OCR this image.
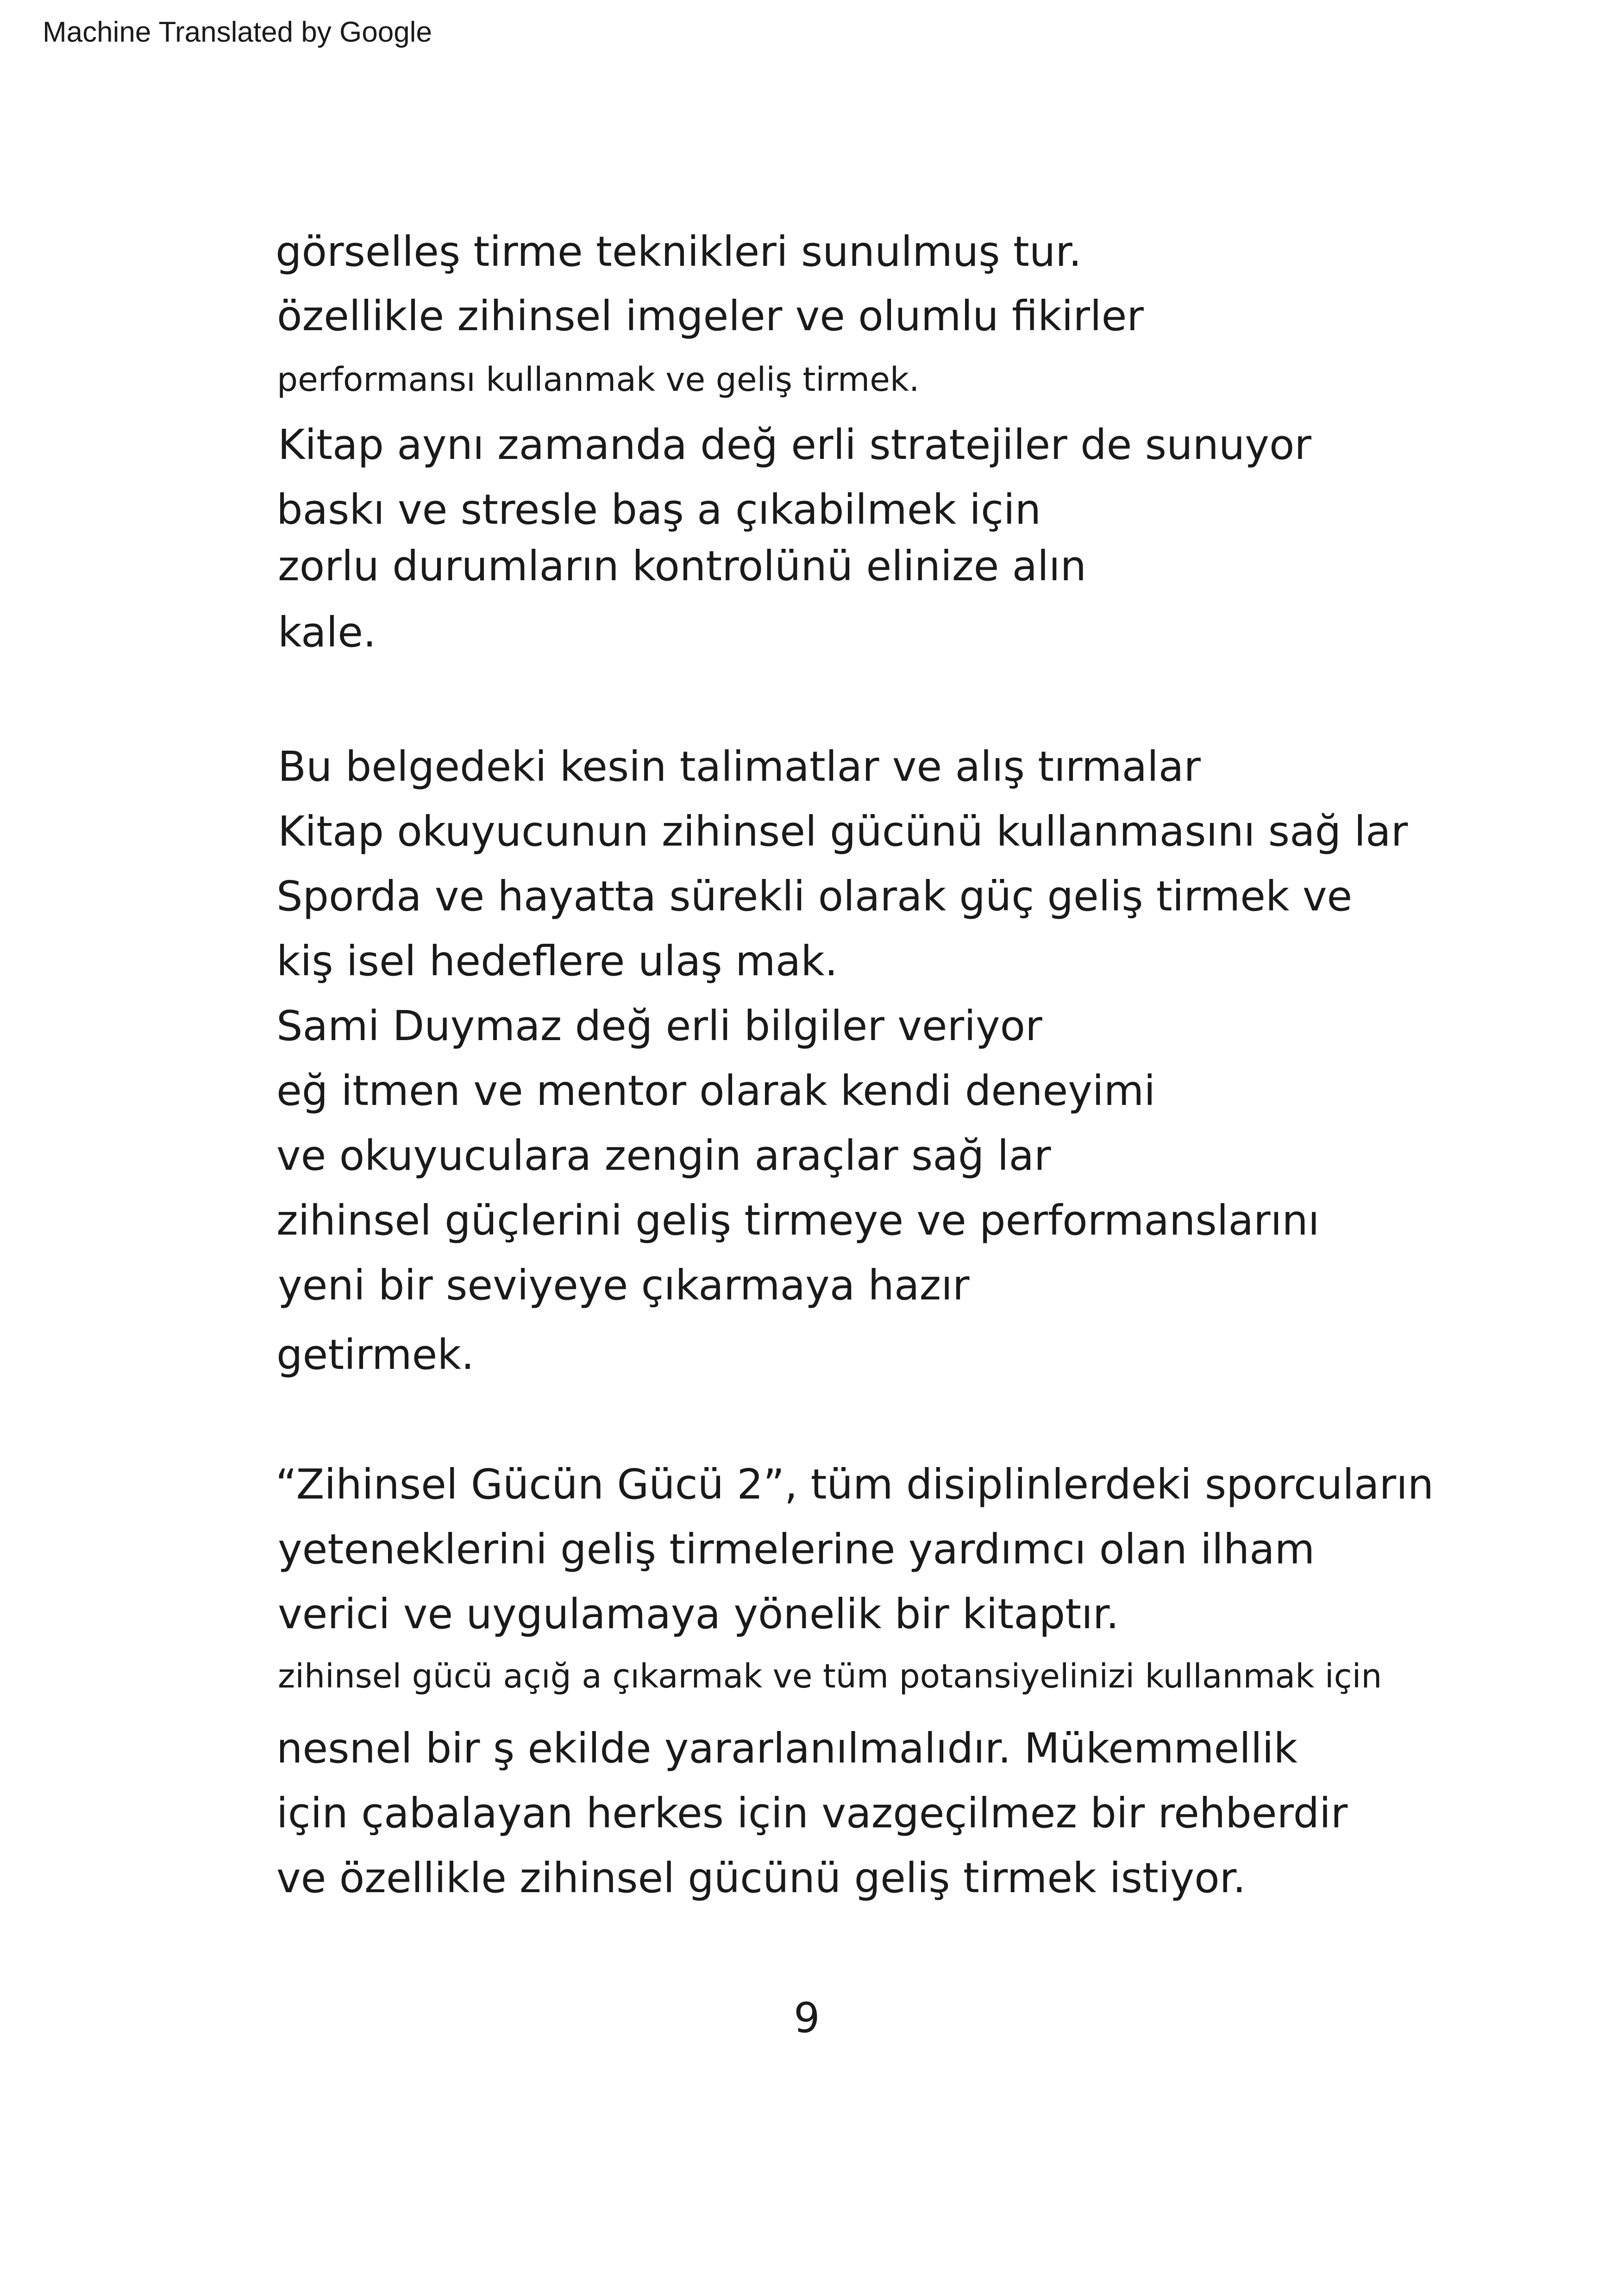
Machine Translated by Google
görselleş tirme teknikleri sunulmuş tur.
özellikle zihinsel imgeler ve olumlu fikirler
performansı kullanmak ve geliş tirmek.
Kitap aynı zamanda değ erli stratejiler de sunuyor
baskı ve stresle baş a çıkabilmek için
zorlu durumların kontrolünü elinize alın
kale.
Bu belgedeki kesin talimatlar ve alış tırmalar
Kitap okuyucunun zihinsel gücünü kullanmasını sağ lar
Sporda ve hayatta sürekli olarak güç geliş tirmek ve
kiş isel hedeflere ulaş mak.
Sami Duymaz değ erli bilgiler veriyor
eğ itmen ve mentor olarak kendi deneyimi
ve okuyuculara zengin araçlar sağ lar
zihinsel güçlerini geliş tirmeye ve performanslarını
yeni bir seviyeye çıkarmaya hazır
getirmek.
“Zihinsel Gücün Gücü 2”, tüm disiplinlerdeki sporcuların
yeteneklerini geliş tirmelerine yardımcı olan ilham
verici ve uygulamaya yönelik bir kitaptır.
zihinsel gücü açığ a çıkarmak ve tüm potansiyelinizi kullanmak için
nesnel bir ş ekilde yararlanılmalıdır. Mükemmellik
için çabalayan herkes için vazgeçilmez bir rehberdir
ve özellikle zihinsel gücünü geliş tirmek istiyor.
9
